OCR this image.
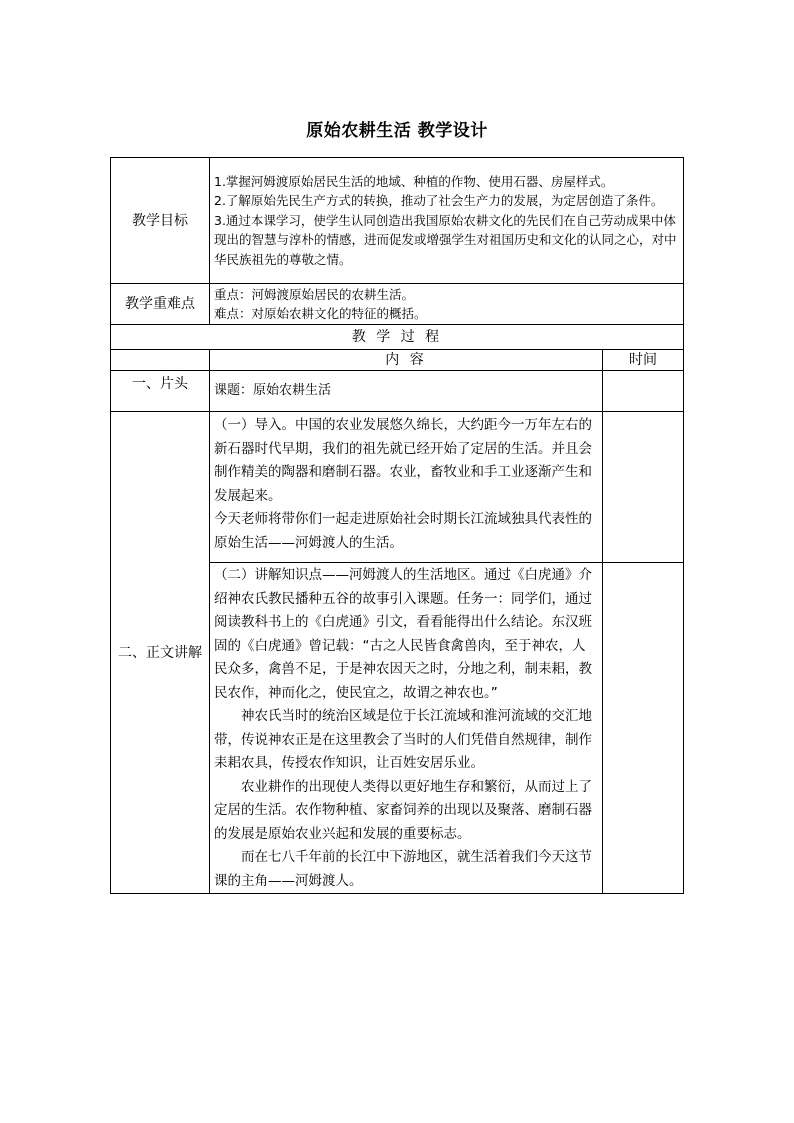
原始农耕生活 教学设计
教学目标	1.掌握河姆渡原始居民生活的地域、种植的作物、使用石器、房屋样式。

2.了解原始先民生产方式的转换，推动了社会生产力的发展，为定居创造了条件。

3.通过本课学习，使学生认同创造出我国原始农耕文化的先民们在自己劳动成果中体现出的智慧与淳朴的情感，进而促发或增强学生对祖国历史和文化的认同之心，对中华民族祖先的尊敬之情。	

教学重难点	重点：河姆渡原始居民的农耕生活。

难点：对原始农耕文化的特征的概括。	

教 学 过 程		
	内 容	时间
一、片头	课题：原始农耕生活	
二、正文讲解	（一）导入。中国的农业发展悠久绵长，大约距今一万年左右的新石器时代早期，我们的祖先就已经开始了定居的生活。并且会制作精美的陶器和磨制石器。农业，畜牧业和手工业逐渐产生和发展起来。

今天老师将带你们一起走进原始社会时期长江流域独具代表性的原始生活——河姆渡人的生活。	

	（二）讲解知识点——河姆渡人的生活地区。通过《白虎通》介绍神农氏教民播种五谷的故事引入课题。任务一：同学们，通过阅读教科书上的《白虎通》引文，看看能得出什么结论。东汉班固的《白虎通》曾记载：“古之人民皆食禽兽肉，至于神农，人民众多，禽兽不足，于是神农因天之时，分地之利，制耒耜，教民农作，神而化之，使民宜之，故谓之神农也。”

神农氏当时的统治区域是位于长江流域和淮河流域的交汇地带，传说神农正是在这里教会了当时的人们凭借自然规律，制作耒耜农具，传授农作知识，让百姓安居乐业。

农业耕作的出现使人类得以更好地生存和繁衍，从而过上了定居的生活。农作物种植、家畜饲养的出现以及聚落、磨制石器的发展是原始农业兴起和发展的重要标志。

而在七八千年前的长江中下游地区，就生活着我们今天这节课的主角——河姆渡人。	
